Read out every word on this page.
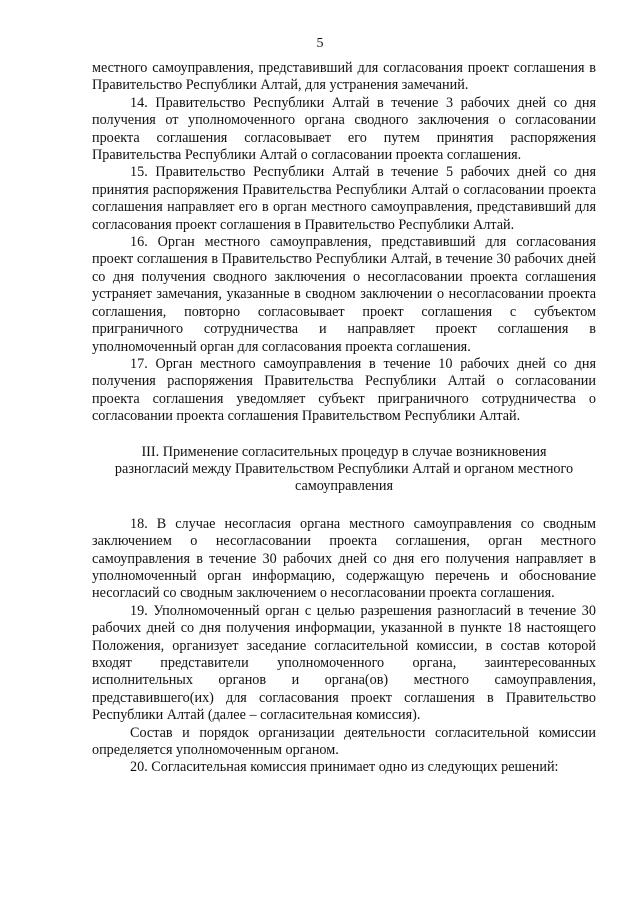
5

местного самоуправления, представивший для согласования проект соглашения в Правительство Республики Алтай, для устранения замечаний.

14. Правительство Республики Алтай в течение 3 рабочих дней со дня получения от уполномоченного органа сводного заключения о согласовании проекта соглашения согласовывает его путем принятия распоряжения Правительства Республики Алтай о согласовании проекта соглашения.

15. Правительство Республики Алтай в течение 5 рабочих дней со дня принятия распоряжения Правительства Республики Алтай о согласовании проекта соглашения направляет его в орган местного самоуправления, представивший для согласования проект соглашения в Правительство Республики Алтай.

16. Орган местного самоуправления, представивший для согласования проект соглашения в Правительство Республики Алтай, в течение 30 рабочих дней со дня получения сводного заключения о несогласовании проекта соглашения устраняет замечания, указанные в сводном заключении о несогласовании проекта соглашения, повторно согласовывает проект соглашения с субъектом приграничного сотрудничества и направляет проект соглашения в уполномоченный орган для согласования проекта соглашения.

17. Орган местного самоуправления в течение 10 рабочих дней со дня получения распоряжения Правительства Республики Алтай о согласовании проекта соглашения уведомляет субъект приграничного сотрудничества о согласовании проекта соглашения Правительством Республики Алтай.

III. Применение согласительных процедур в случае возникновения разногласий между Правительством Республики Алтай и органом местного самоуправления

18. В случае несогласия органа местного самоуправления со сводным заключением о несогласовании проекта соглашения, орган местного самоуправления в течение 30 рабочих дней со дня его получения направляет в уполномоченный орган информацию, содержащую перечень и обоснование несогласий со сводным заключением о несогласовании проекта соглашения.

19. Уполномоченный орган с целью разрешения разногласий в течение 30 рабочих дней со дня получения информации, указанной в пункте 18 настоящего Положения, организует заседание согласительной комиссии, в состав которой входят представители уполномоченного органа, заинтересованных исполнительных органов и органа(ов) местного самоуправления, представившего(их) для согласования проект соглашения в Правительство Республики Алтай (далее – согласительная комиссия).

Состав и порядок организации деятельности согласительной комиссии определяется уполномоченным органом.

20. Согласительная комиссия принимает одно из следующих решений:
